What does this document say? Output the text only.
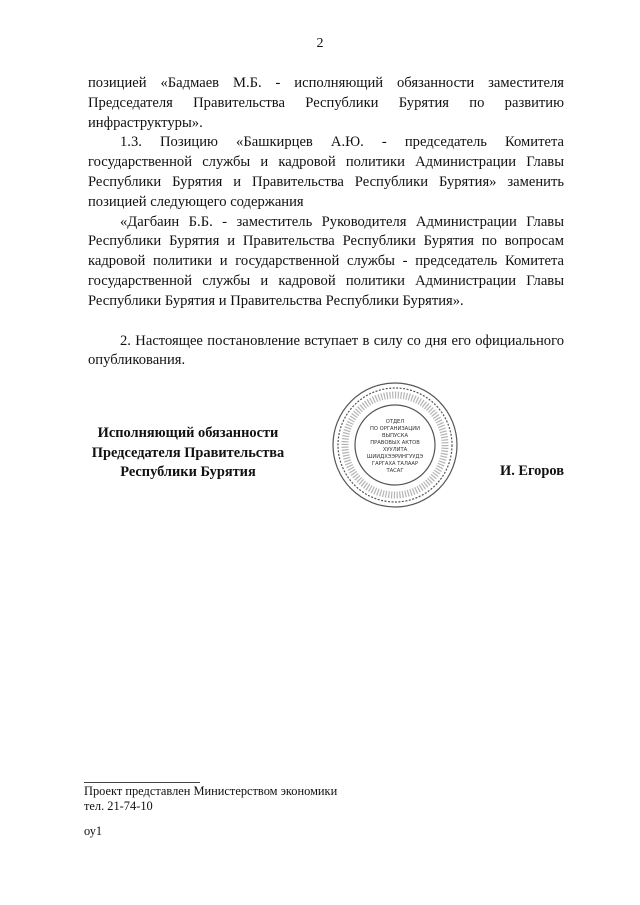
2

позицией «Бадмаев М.Б. - исполняющий обязанности заместителя Председателя Правительства Республики Бурятия по развитию инфраструктуры».

1.3. Позицию «Башкирцев А.Ю. - председатель Комитета государственной службы и кадровой политики Администрации Главы Республики Бурятия и Правительства Республики Бурятия» заменить позицией следующего содержания

«Дагбаин Б.Б. - заместитель Руководителя Администрации Главы Республики Бурятия и Правительства Республики Бурятия по вопросам кадровой политики и государственной службы - председатель Комитета государственной службы и кадровой политики Администрации Главы Республики Бурятия и Правительства Республики Бурятия».

2. Настоящее постановление вступает в силу со дня его официального опубликования.

Исполняющий обязанности
Председателя Правительства
Республики Бурятия
ОТДЕЛ
ПО ОРГАНИЗАЦИИ
ВЫПУСКА
ПРАВОВЫХ АКТОВ
ХУУЛИТА
ШИИДХЭЭРИНГУУДЭ
ГАРГАХА ТАЛААР
ТАСАГ	И. Егоров
Проект представлен Министерством экономики
тел. 21-74-10
оу1
